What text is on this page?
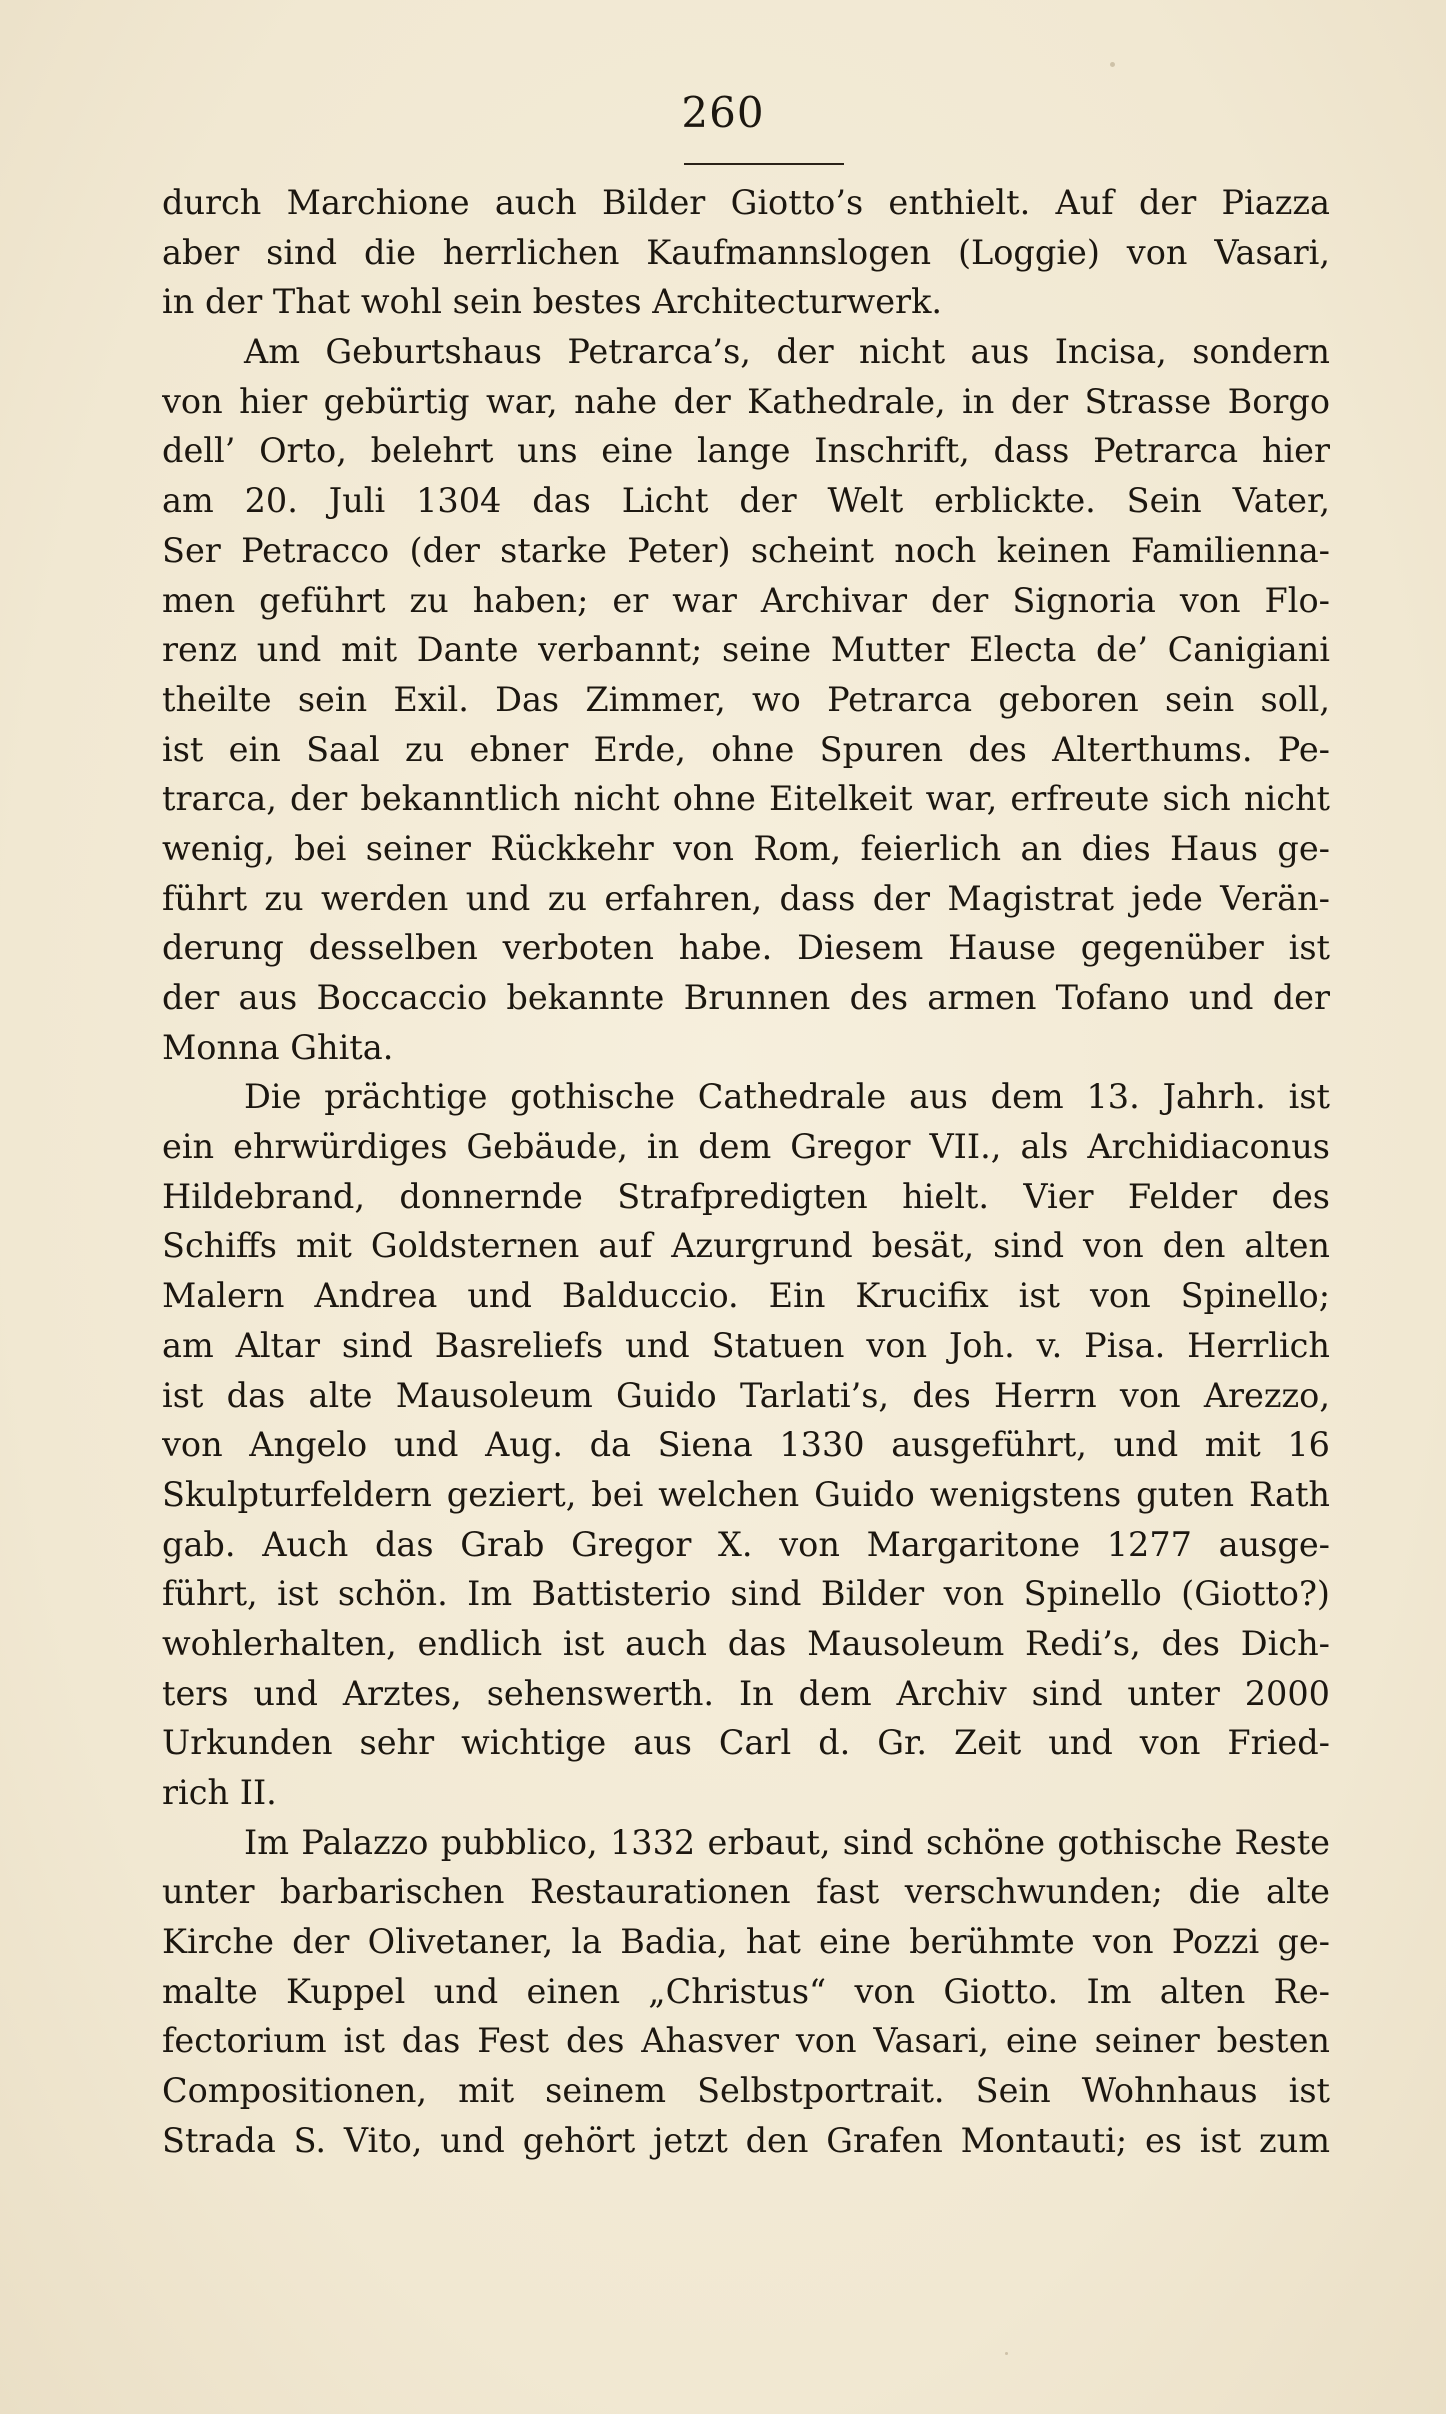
260
durch Marchione auch Bilder Giotto’s enthielt. Auf der Piazza
aber sind die herrlichen Kaufmannslogen (Loggie) von Vasari,
in der That wohl sein bestes Architecturwerk.
Am Geburtshaus Petrarca’s, der nicht aus Incisa, sondern
von hier gebürtig war, nahe der Kathedrale, in der Strasse Borgo
dell’ Orto, belehrt uns eine lange Inschrift, dass Petrarca hier
am 20. Juli 1304 das Licht der Welt erblickte. Sein Vater,
Ser Petracco (der starke Peter) scheint noch keinen Familienna-
men geführt zu haben; er war Archivar der Signoria von Flo-
renz und mit Dante verbannt; seine Mutter Electa de’ Canigiani
theilte sein Exil. Das Zimmer, wo Petrarca geboren sein soll,
ist ein Saal zu ebner Erde, ohne Spuren des Alterthums. Pe-
trarca, der bekanntlich nicht ohne Eitelkeit war, erfreute sich nicht
wenig, bei seiner Rückkehr von Rom, feierlich an dies Haus ge-
führt zu werden und zu erfahren, dass der Magistrat jede Verän-
derung desselben verboten habe. Diesem Hause gegenüber ist
der aus Boccaccio bekannte Brunnen des armen Tofano und der
Monna Ghita.
Die prächtige gothische Cathedrale aus dem 13. Jahrh. ist
ein ehrwürdiges Gebäude, in dem Gregor VII., als Archidiaconus
Hildebrand, donnernde Strafpredigten hielt. Vier Felder des
Schiffs mit Goldsternen auf Azurgrund besät, sind von den alten
Malern Andrea und Balduccio. Ein Krucifix ist von Spinello;
am Altar sind Basreliefs und Statuen von Joh. v. Pisa. Herrlich
ist das alte Mausoleum Guido Tarlati’s, des Herrn von Arezzo,
von Angelo und Aug. da Siena 1330 ausgeführt, und mit 16
Skulpturfeldern geziert, bei welchen Guido wenigstens guten Rath
gab. Auch das Grab Gregor X. von Margaritone 1277 ausge-
führt, ist schön. Im Battisterio sind Bilder von Spinello (Giotto?)
wohlerhalten, endlich ist auch das Mausoleum Redi’s, des Dich-
ters und Arztes, sehenswerth. In dem Archiv sind unter 2000
Urkunden sehr wichtige aus Carl d. Gr. Zeit und von Fried-
rich II.
Im Palazzo pubblico, 1332 erbaut, sind schöne gothische Reste
unter barbarischen Restaurationen fast verschwunden; die alte
Kirche der Olivetaner, la Badia, hat eine berühmte von Pozzi ge-
malte Kuppel und einen „Christus“ von Giotto. Im alten Re-
fectorium ist das Fest des Ahasver von Vasari, eine seiner besten
Compositionen, mit seinem Selbstportrait. Sein Wohnhaus ist
Strada S. Vito, und gehört jetzt den Grafen Montauti; es ist zum
